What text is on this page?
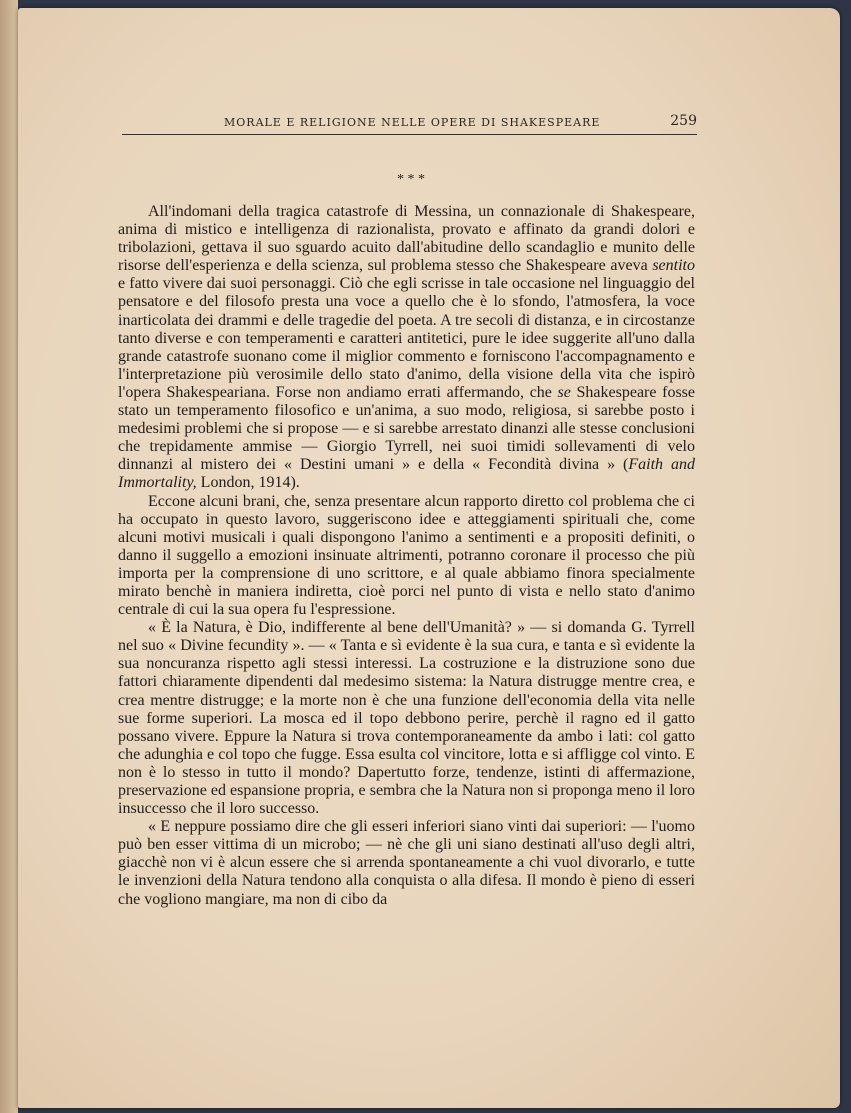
MORALE E RELIGIONE NELLE OPERE DI SHAKESPEARE	259
* * *

All'indomani della tragica catastrofe di Messina, un connazionale di Shakespeare, anima di mistico e intelligenza di razionalista, provato e affinato da grandi dolori e tribolazioni, gettava il suo sguardo acuito dall'abitudine dello scandaglio e munito delle risorse dell'esperienza e della scienza, sul problema stesso che Shakespeare aveva sentito e fatto vivere dai suoi personaggi. Ciò che egli scrisse in tale occasione nel linguaggio del pensatore e del filosofo presta una voce a quello che è lo sfondo, l'atmosfera, la voce inarticolata dei drammi e delle tragedie del poeta. A tre secoli di distanza, e in circostanze tanto diverse e con temperamenti e caratteri antitetici, pure le idee suggerite all'uno dalla grande catastrofe suonano come il miglior commento e forniscono l'accompagnamento e l'interpretazione più verosimile dello stato d'animo, della visione della vita che ispirò l'opera Shakespeariana. Forse non andiamo errati affermando, che se Shakespeare fosse stato un temperamento filosofico e un'anima, a suo modo, religiosa, si sarebbe posto i medesimi problemi che si propose — e si sarebbe arrestato dinanzi alle stesse conclusioni che trepidamente ammise — Giorgio Tyrrell, nei suoi timidi sollevamenti di velo dinnanzi al mistero dei « Destini umani » e della « Fecondità divina » (Faith and Immortality, London, 1914).

Eccone alcuni brani, che, senza presentare alcun rapporto diretto col problema che ci ha occupato in questo lavoro, suggeriscono idee e atteggiamenti spirituali che, come alcuni motivi musicali i quali dispongono l'animo a sentimenti e a propositi definiti, o danno il suggello a emozioni insinuate altrimenti, potranno coronare il processo che più importa per la comprensione di uno scrittore, e al quale abbiamo finora specialmente mirato benchè in maniera indiretta, cioè porci nel punto di vista e nello stato d'animo centrale di cui la sua opera fu l'espressione.

« È la Natura, è Dio, indifferente al bene dell'Umanità? » — si domanda G. Tyrrell nel suo « Divine fecundity ». — « Tanta e sì evidente è la sua cura, e tanta e sì evidente la sua noncuranza rispetto agli stessi interessi. La costruzione e la distruzione sono due fattori chiaramente dipendenti dal medesimo sistema: la Natura distrugge mentre crea, e crea mentre distrugge; e la morte non è che una funzione dell'economia della vita nelle sue forme superiori. La mosca ed il topo debbono perire, perchè il ragno ed il gatto possano vivere. Eppure la Natura si trova contemporaneamente da ambo i lati: col gatto che adunghia e col topo che fugge. Essa esulta col vincitore, lotta e si affligge col vinto. E non è lo stesso in tutto il mondo? Dapertutto forze, tendenze, istinti di affermazione, preservazione ed espansione propria, e sembra che la Natura non si proponga meno il loro insuccesso che il loro successo.

« E neppure possiamo dire che gli esseri inferiori siano vinti dai superiori: — l'uomo può ben esser vittima di un microbo; — nè che gli uni siano destinati all'uso degli altri, giacchè non vi è alcun essere che si arrenda spontaneamente a chi vuol divorarlo, e tutte le invenzioni della Natura tendono alla conquista o alla difesa. Il mondo è pieno di esseri che vogliono mangiare, ma non di cibo da
